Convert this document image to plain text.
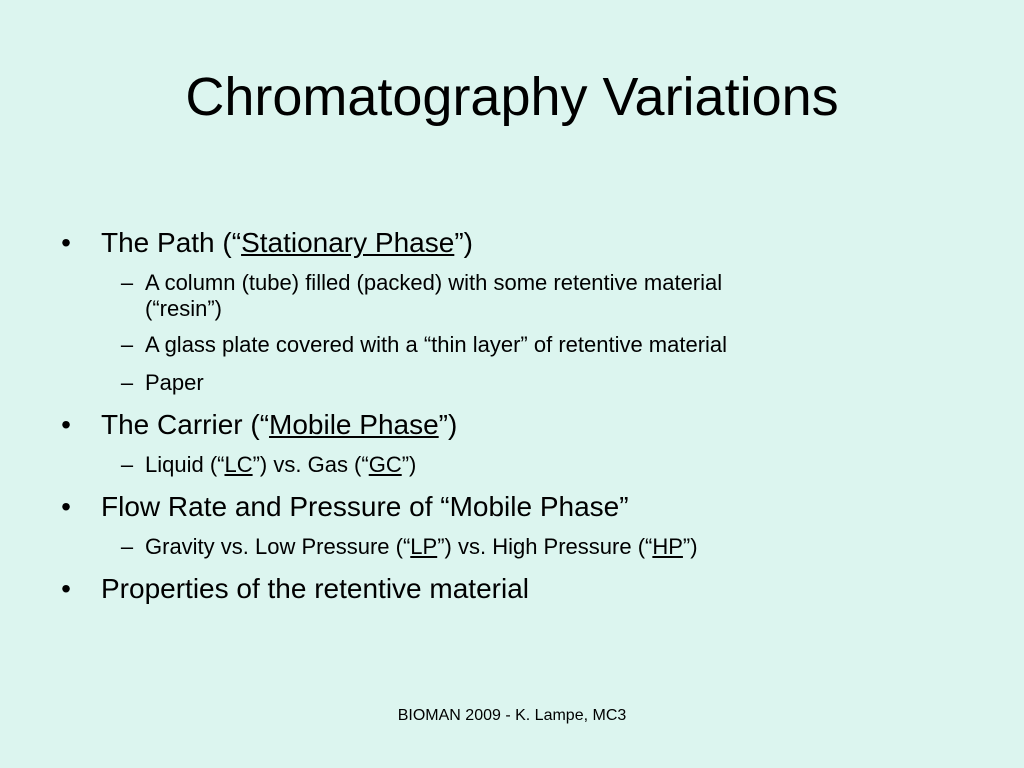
Chromatography Variations
• The Path (“Stationary Phase”)
– A column (tube) filled (packed) with some retentive material
(“resin”)
– A glass plate covered with a “thin layer” of retentive material
– Paper
• The Carrier (“Mobile Phase”)
– Liquid (“LC”) vs. Gas (“GC”)
• Flow Rate and Pressure of “Mobile Phase”
– Gravity vs. Low Pressure (“LP”) vs. High Pressure (“HP”)
• Properties of the retentive material
BIOMAN 2009 - K. Lampe, MC3
